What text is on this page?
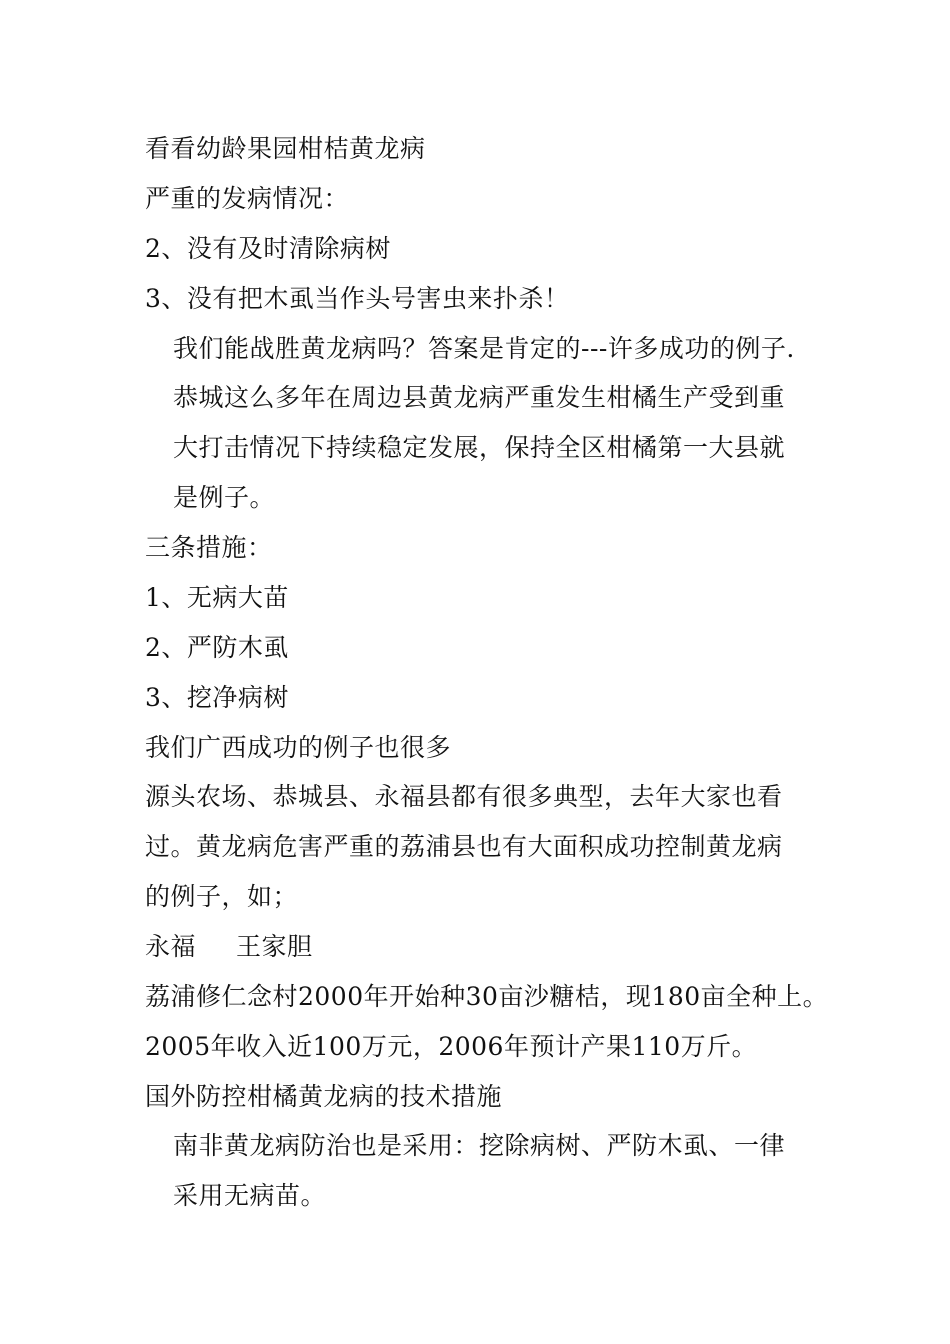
看看幼龄果园柑桔黄龙病
严重的发病情况：
2、没有及时清除病树
3、没有把木虱当作头号害虫来扑杀！
我们能战胜黄龙病吗？答案是肯定的---许多成功的例子.
恭城这么多年在周边县黄龙病严重发生柑橘生产受到重
大打击情况下持续稳定发展，保持全区柑橘第一大县就
是例子。
三条措施：
1、无病大苗
2、严防木虱
3、挖净病树
我们广西成功的例子也很多
源头农场、恭城县、永福县都有很多典型，去年大家也看
过。黄龙病危害严重的荔浦县也有大面积成功控制黄龙病
的例子，如；
永福 王家胆
荔浦修仁念村2000年开始种30亩沙糖桔，现180亩全种上。
2005年收入近100万元，2006年预计产果110万斤。
国外防控柑橘黄龙病的技术措施
南非黄龙病防治也是采用：挖除病树、严防木虱、一律
采用无病苗。
